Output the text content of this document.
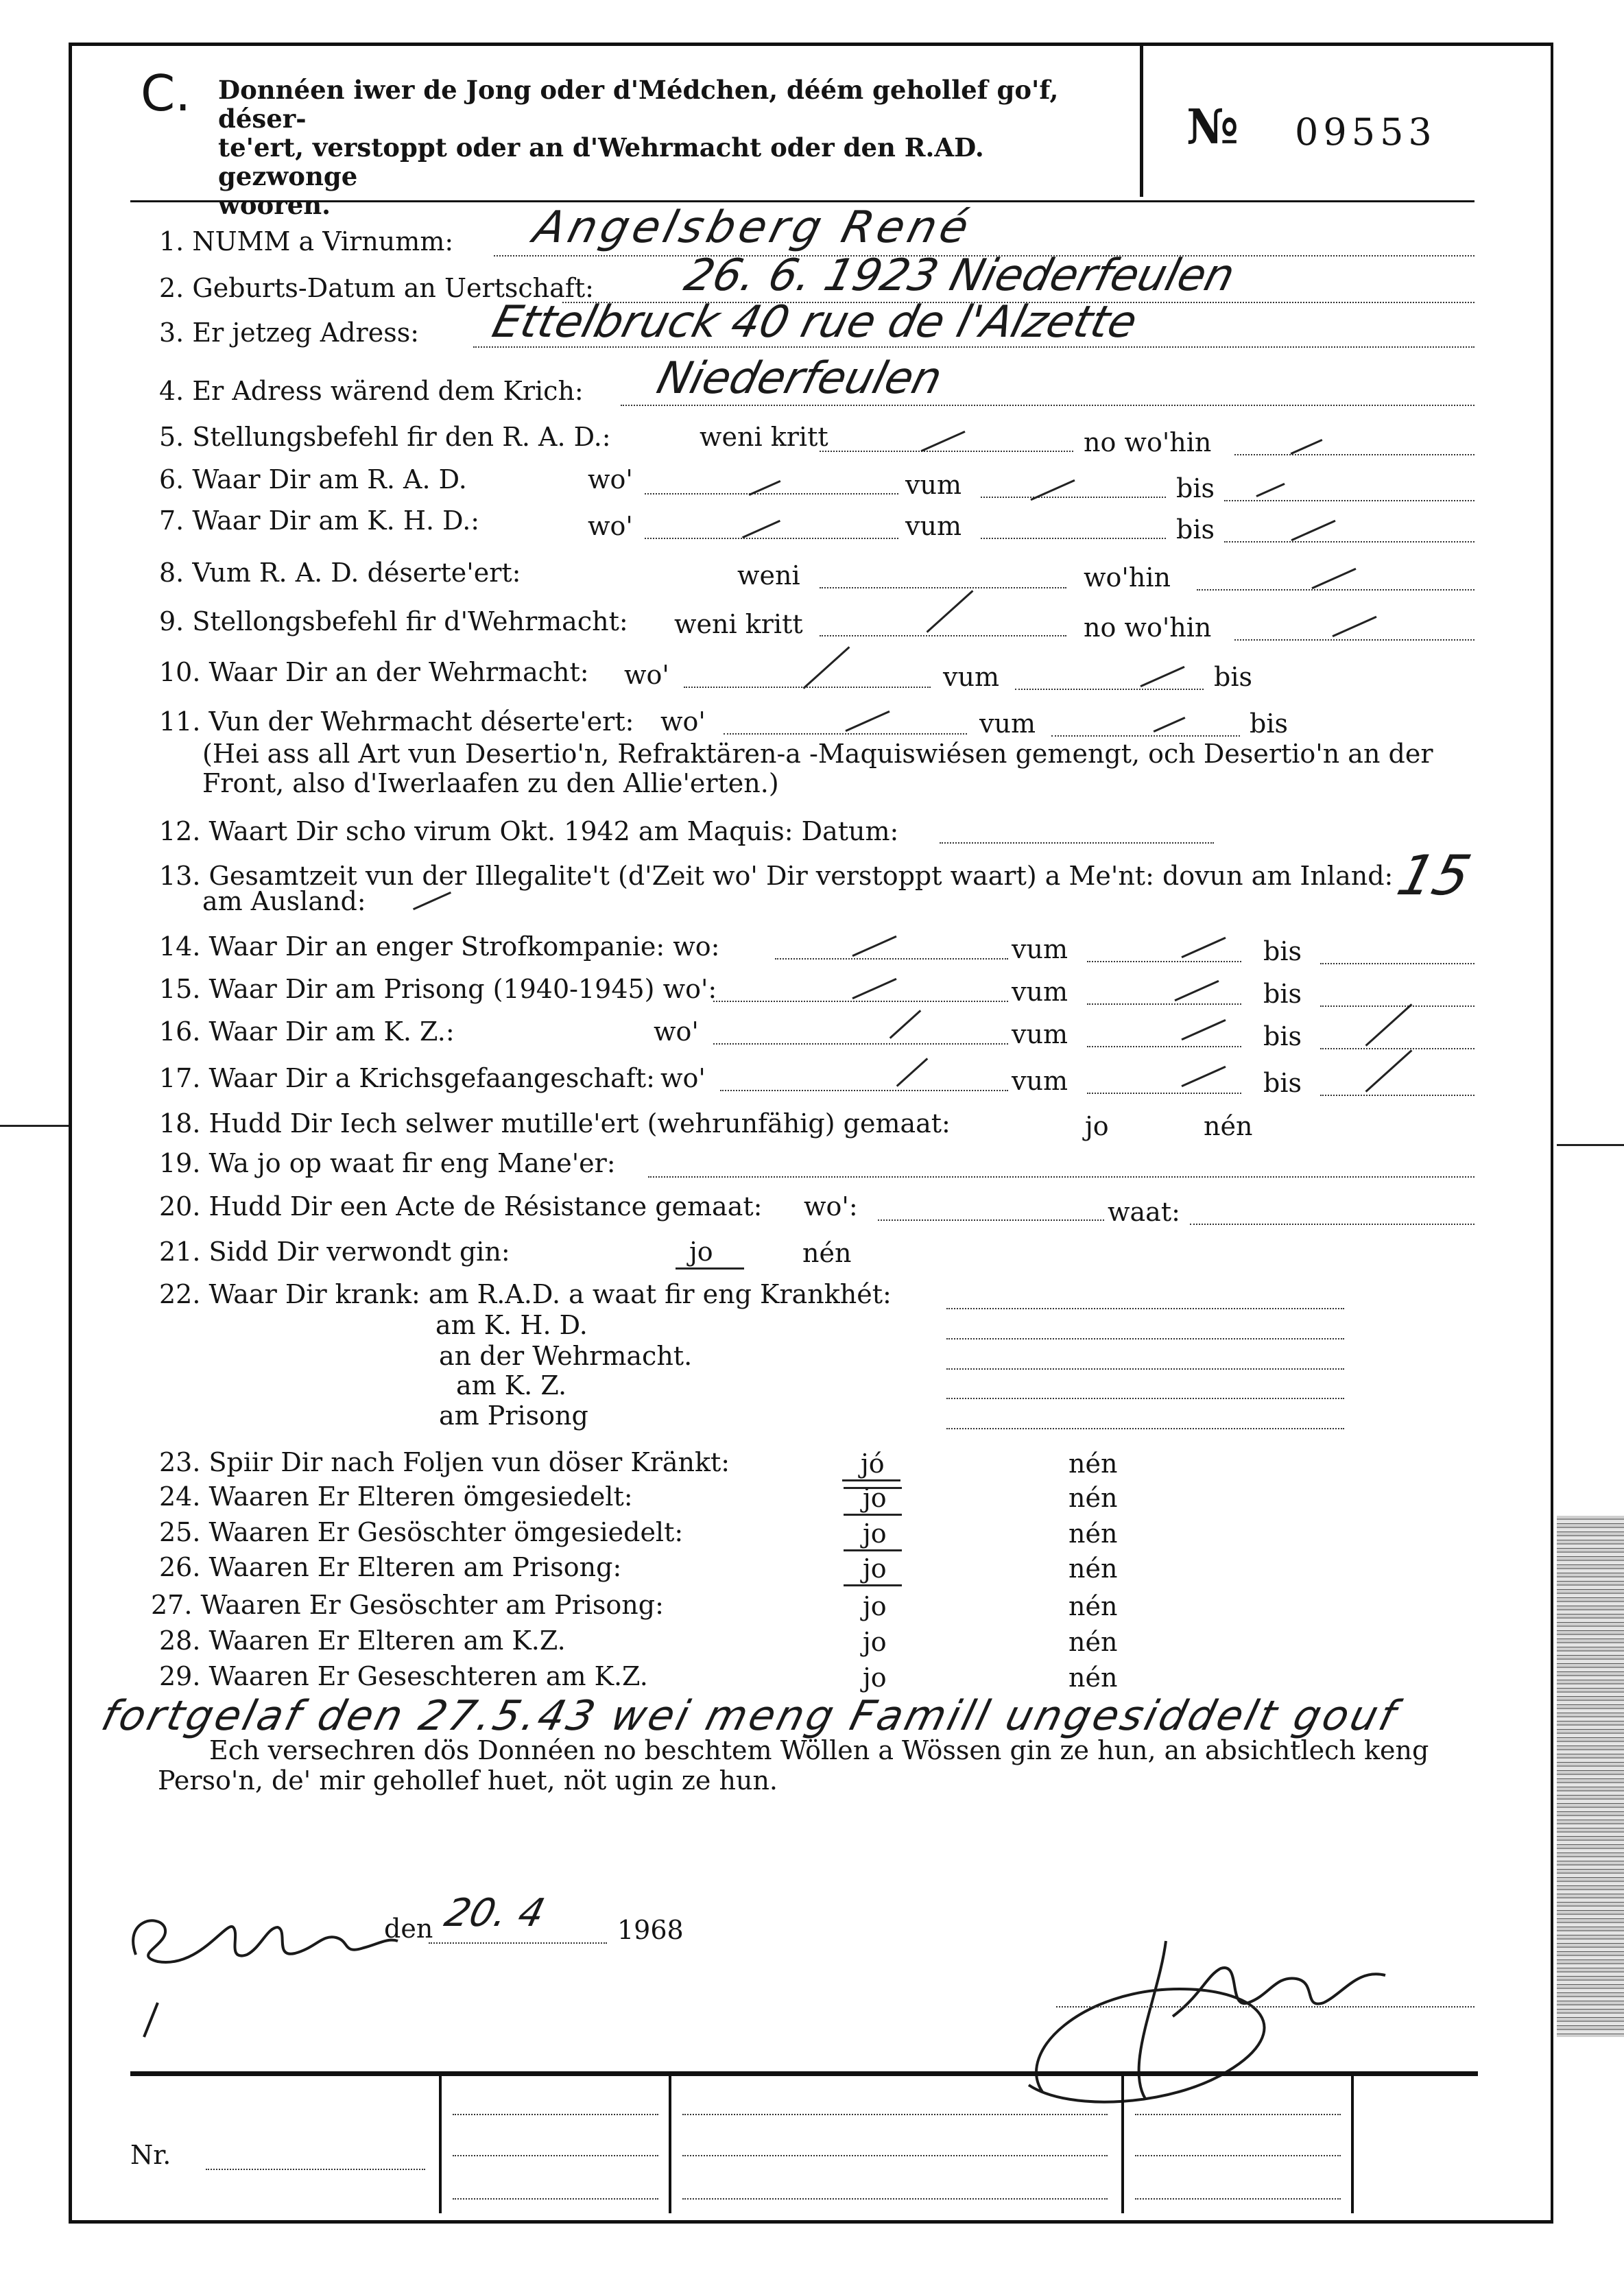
C. Donnéen iwer de Jong oder d'Médchen, déém gehollef go'f, déser-
te'ert, verstoppt oder an d'Wehrmacht oder den R.AD. gezwonge
wooren.
№ 09553
1. NUMM a Virnumm: Angelsberg René
2. Geburts-Datum an Uertschaft: 26. 6. 1923 Niederfeulen
3. Er jetzeg Adress: Ettelbruck 40 rue de l'Alzette
4. Er Adress wärend dem Krich: Niederfeulen
5. Stellungsbefehl fir den R. A. D.:	weni kritt	no wo'hin
6. Waar Dir am R. A. D.	wo'	vum	bis
7. Waar Dir am K. H. D.:	wo'	vum	bis
8. Vum R. A. D. déserte'ert:	weni	wo'hin
9. Stellongsbefehl fir d'Wehrmacht: weni kritt	no wo'hin
10. Waar Dir an der Wehrmacht: wo'	vum	bis
11. Vun der Wehrmacht déserte'ert: wo'	vum	bis
(Hei ass all Art vun Desertio'n, Refraktären-a -Maquiswiésen gemengt, och Desertio'n an der
Front, also d'Iwerlaafen zu den Allie'erten.)
12. Waart Dir scho virum Okt. 1942 am Maquis: Datum:
13. Gesamtzeit vun der Illegalite't (d'Zeit wo' Dir verstoppt waart) a Me'nt: dovun am Inland:
am Ausland:	15
14. Waar Dir an enger Strofkompanie: wo:	vum	bis
15. Waar Dir am Prisong (1940-1945) wo':	vum	bis
16. Waar Dir am K. Z.:	wo'	vum	bis
17. Waar Dir a Krichsgefaangeschaft: wo'	vum	bis
18. Hudd Dir Iech selwer mutille'ert (wehrunfähig) gemaat:	jo	nén
19. Wa jo op waat fir eng Mane'er:
20. Hudd Dir een Acte de Résistance gemaat: wo':	waat:
21. Sidd Dir verwondt gin:	jo	nén
22. Waar Dir krank: am R.A.D. a waat fir eng Krankhét:
am K. H. D.
an der Wehrmacht.
am K. Z.
am Prisong
23. Spiir Dir nach Foljen vun döser Kränkt:	jó	nén
24. Waaren Er Elteren ömgesiedelt:	jo	nén
25. Waaren Er Gesöschter ömgesiedelt:	jo	nén
26. Waaren Er Elteren am Prisong:	jo	nén
27. Waaren Er Gesöschter am Prisong:	jo	nén
28. Waaren Er Elteren am K.Z.	jo	nén
29. Waaren Er Geseschteren am K.Z.	jo	nén
fortgelaf den 27.5.43 wei meng Famill ungesiddelt gouf
Ech versechren dös Donnéen no beschtem Wöllen a Wössen gin ze hun, an absichtlech keng
Perso'n, de' mir gehollef huet, nöt ugin ze hun.
den 20. 4	1968
Nr.
